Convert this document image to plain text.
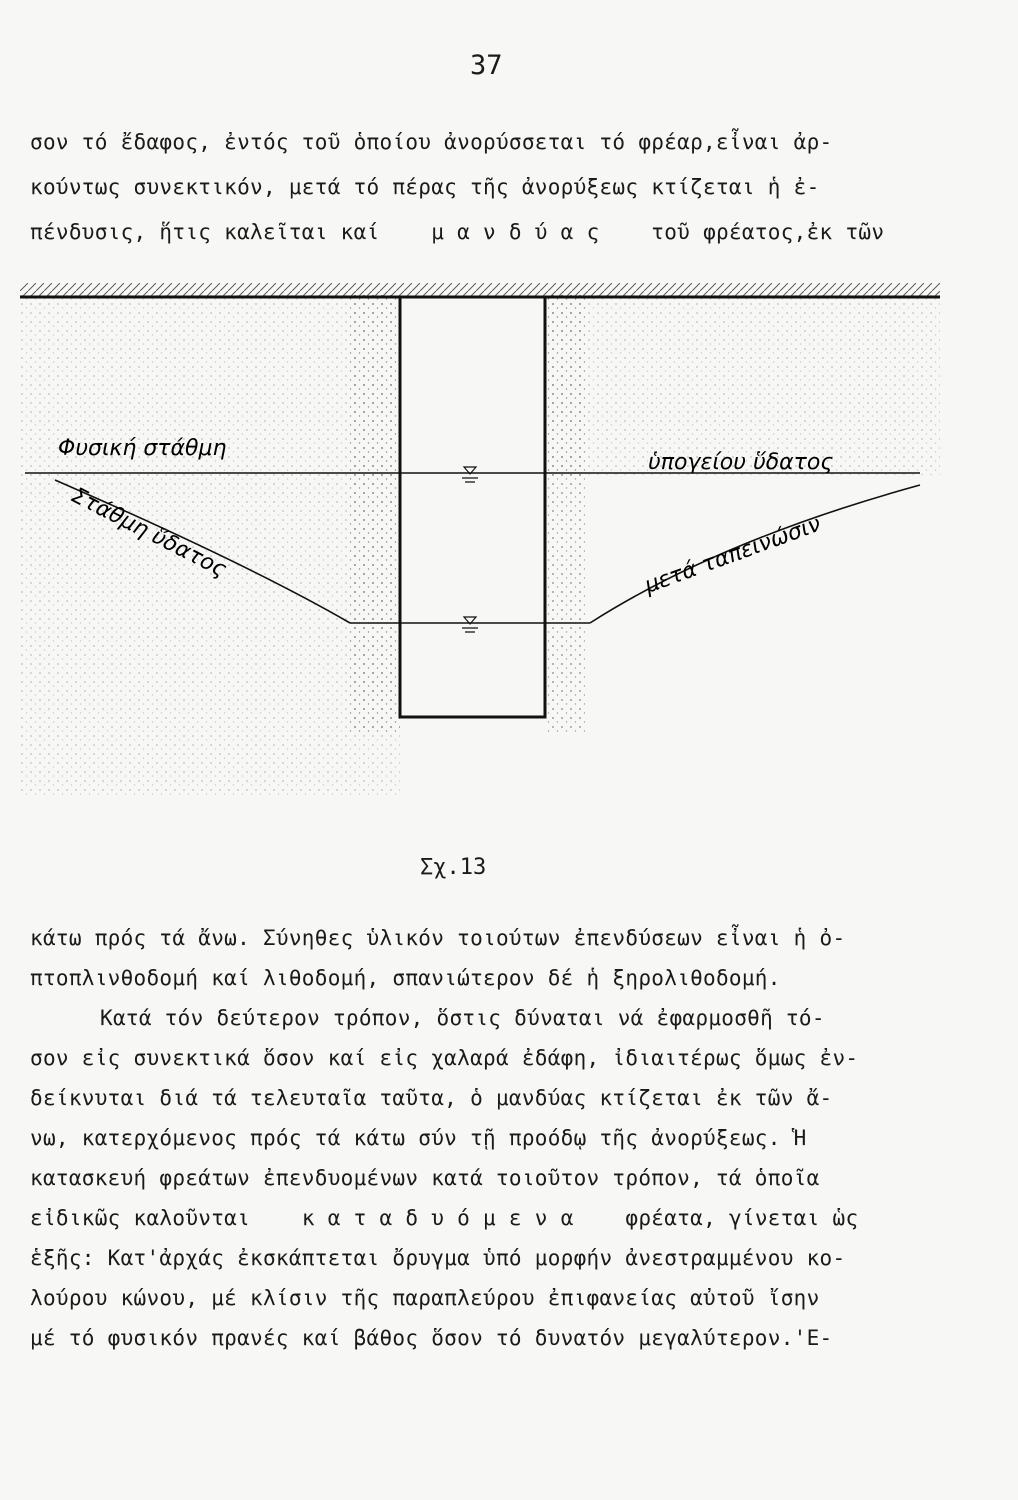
37
σον τό ἔδαφος, ἐντός τοῦ ὁποίου ἀνορύσσεται τό φρέαρ,εἶναι ἀρ-
κούντως συνεκτικόν, μετά τό πέρας τῆς ἀνορύξεως κτίζεται ἡ ἐ-
πένδυσις, ἥτις καλεῖται καί μ α ν δ ύ α ς τοῦ φρέατος,ἐκ τῶν
Φυσική στάθμη
ὑπογείου ὕδατος
Στάθμη ὕδατος	μετά ταπεινώσιν
Σχ.13
κάτω πρός τά ἄνω. Σύνηθες ὑλικόν τοιούτων ἐπενδύσεων εἶναι ἡ ὀ-
πτοπλινθοδομή καί λιθοδομή, σπανιώτερον δέ ἡ ξηρολιθοδομή.
Κατά τόν δεύτερον τρόπον, ὅστις δύναται νά ἐφαρμοσθῆ τό-
σον εἰς συνεκτικά ὅσον καί εἰς χαλαρά ἐδάφη, ἰδιαιτέρως ὅμως ἐν-
δείκνυται διά τά τελευταῖα ταῦτα, ὁ μανδύας κτίζεται ἐκ τῶν ἄ-
νω, κατερχόμενος πρός τά κάτω σύν τῇ προόδῳ τῆς ἀνορύξεως. Ἡ
κατασκευή φρεάτων ἐπενδυομένων κατά τοιοῦτον τρόπον, τά ὁποῖα
εἰδικῶς καλοῦνται κ α τ α δ υ ό μ ε ν α φρέατα, γίνεται ὡς
ἑξῆς: Κατ'ἀρχάς ἐκσκάπτεται ὄρυγμα ὑπό μορφήν ἀνεστραμμένου κο-
λούρου κώνου, μέ κλίσιν τῆς παραπλεύρου ἐπιφανείας αὐτοῦ ἴσην
μέ τό φυσικόν πρανές καί βάθος ὅσον τό δυνατόν μεγαλύτερον.'Ε-
